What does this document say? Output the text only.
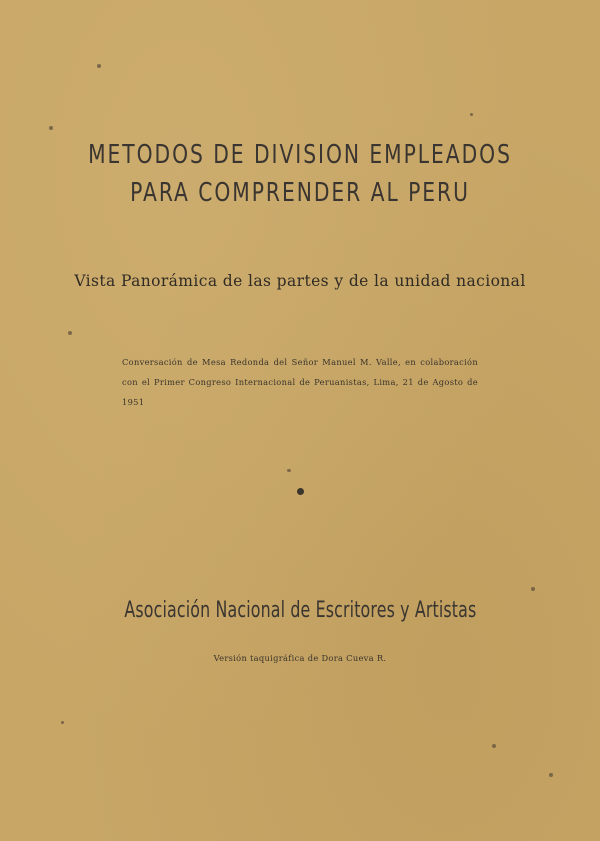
METODOS DE DIVISION EMPLEADOS
PARA COMPRENDER AL PERU
Vista Panorámica de las partes y de la unidad nacional
Conversación de Mesa Redonda del Señor Manuel M. Valle, en colaboración
con el Primer Congreso Internacional de Peruanistas, Lima, 21 de Agosto de 1951
Asociación Nacional de Escritores y Artistas
Versión taquigráfica de Dora Cueva R.
